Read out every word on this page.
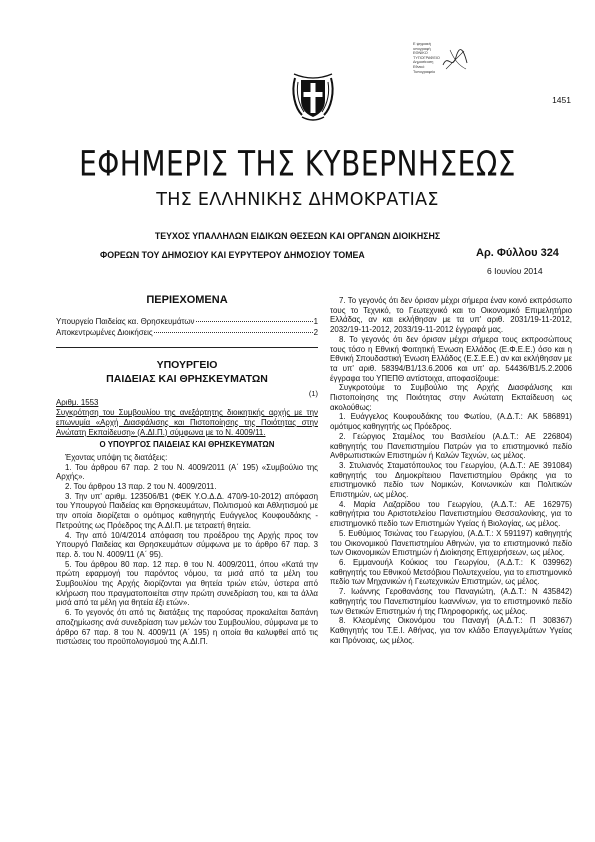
1451
Ε ψηφιακή
υπογραφή
ΕΘΝΙΚΟ
ΤΥΠΟΓΡΑΦΕΙΟ
Δημοσίευση
Εθνικό
Τυπογραφείο
ΕΦΗΜΕΡΙΣ ΤΗΣ ΚΥΒΕΡΝΗΣΕΩΣ
ΤΗΣ ΕΛΛΗΝΙΚΗΣ ΔΗΜΟΚΡΑΤΙΑΣ
ΤΕΥΧΟΣ ΥΠΑΛΛΗΛΩΝ ΕΙΔΙΚΩΝ ΘΕΣΕΩΝ ΚΑΙ ΟΡΓΑΝΩΝ ΔΙΟΙΚΗΣΗΣ
ΦΟΡΕΩΝ ΤΟΥ ΔΗΜΟΣΙΟΥ ΚΑΙ ΕΥΡΥΤΕΡΟΥ ΔΗΜΟΣΙΟΥ ΤΟΜΕΑ	Αρ. Φύλλου 324
6 Ιουνίου 2014
ΠΕΡΙΕΧΟΜΕΝΑ
Υπουργείο Παιδείας κα. Θρησκευμάτων	1
Αποκεντρωμένες Διοικήσεις	2
ΥΠΟΥΡΓΕΙΟ
ΠΑΙΔΕΙΑΣ ΚΑΙ ΘΡΗΣΚΕΥΜΑΤΩΝ
(1)
Αριθμ. 1553
Συγκρότηση του Συμβουλίου της ανεξάρτητης διοικητικής αρχής με την επωνυμία «Αρχή Διασφάλισης και Πιστοποίησης της Ποιότητας στην Ανώτατη Εκπαίδευση» (Α.ΔΙ.Π.) σύμφωνα με το Ν. 4009/11.
Ο ΥΠΟΥΡΓΟΣ ΠΑΙΔΕΙΑΣ ΚΑΙ ΘΡΗΣΚΕΥΜΑΤΩΝ
Έχοντας υπόψη τις διατάξεις:
1. Του άρθρου 67 παρ. 2 του Ν. 4009/2011 (Α΄ 195) «Συμβούλιο της Αρχής».
2. Του άρθρου 13 παρ. 2 του Ν. 4009/2011.
3. Την υπ' αριθμ. 123506/Β1 (ΦΕΚ Υ.Ο.Δ.Δ. 470/9-10-2012) απόφαση του Υπουργού Παιδείας και Θρησκευμάτων, Πολιτισμού και Αθλητισμού με την οποία διορίζεται ο ομότιμος καθηγητής Ευάγγελος Κουφουδάκης - Πετρούτης ως Πρόεδρος της Α.ΔΙ.Π. με τετραετή θητεία.
4. Την από 10/4/2014 απόφαση του προέδρου της Αρχής προς τον Υπουργό Παιδείας και Θρησκευμάτων σύμφωνα με το άρθρο 67 παρ. 3 περ. δ. του Ν. 4009/11 (Α΄ 95).
5. Του άρθρου 80 παρ. 12 περ. θ του Ν. 4009/2011, όπου «Κατά την πρώτη εφαρμογή του παρόντος νόμου, τα μισά από τα μέλη του Συμβουλίου της Αρχής διορίζονται για θητεία τριών ετών, ύστερα από κλήρωση που πραγματοποιείται στην πρώτη συνεδρίαση του, και τα άλλα μισά από τα μέλη για θητεία έξι ετών».
6. Το γεγονός ότι από τις διατάξεις της παρούσας προκαλείται δαπάνη αποζημίωσης ανά συνεδρίαση των μελών του Συμβουλίου, σύμφωνα με το άρθρο 67 παρ. 8 του Ν. 4009/11 (Α΄ 195) η οποία θα καλυφθεί από τις πιστώσεις του προϋπολογισμού της Α.ΔΙ.Π.
7. Το γεγονός ότι δεν όρισαν μέχρι σήμερα έναν κοινό εκπρόσωπο τους το Τεχνικό, το Γεωτεχνικό και το Οικονομικό Επιμελητήριο Ελλάδας, αν και εκλήθησαν με τα υπ' αριθ. 2031/19-11-2012, 2032/19-11-2012, 2033/19-11-2012 έγγραφά μας.
8. Το γεγονός ότι δεν όρισαν μέχρι σήμερα τους εκπροσώπους τους τόσο η Εθνική Φοιτητική Ένωση Ελλάδος (Ε.Φ.Ε.Ε.) όσο και η Εθνική Σπουδαστική Ένωση Ελλάδος (Ε.Σ.Ε.Ε.) αν και εκλήθησαν με τα υπ' αριθ. 58394/Β1/13.6.2006 και υπ' αρ. 54436/Β1/5.2.2006 έγγραφα του ΥΠΕΠΘ αντίστοιχα, αποφασίζουμε:
Συγκροτούμε το Συμβούλιο της Αρχής Διασφάλισης και Πιστοποίησης της Ποιότητας στην Ανώτατη Εκπαίδευση ως ακολούθως:
1. Ευάγγελος Κουφουδάκης του Φωτίου, (Α.Δ.Τ.: ΑΚ 586891) ομότιμος καθηγητής ως Πρόεδρος.
2. Γεώργιος Σταμέλος του Βασιλείου (Α.Δ.Τ.: ΑΕ 226804) καθηγητής του Πανεπιστημίου Πατρών για το επιστημονικό πεδίο Ανθρωπιστικών Επιστημών ή Καλών Τεχνών, ως μέλος.
3. Στυλιανός Σταματόπουλος του Γεωργίου, (Α.Δ.Τ.: ΑΕ 391084) καθηγητής του Δημοκρίτειου Πανεπιστημίου Θράκης για το επιστημονικό πεδίο των Νομικών, Κοινωνικών και Πολιτικών Επιστημών, ως μέλος.
4. Μαρία Λαζαρίδου του Γεωργίου, (Α.Δ.Τ.: ΑΕ 162975) καθηγήτρια του Αριστοτελείου Πανεπιστημίου Θεσσαλονίκης, για το επιστημονικό πεδίο των Επιστημών Υγείας ή Βιολογίας, ως μέλος.
5. Ευθύμιος Τσιώνας του Γεωργίου, (Α.Δ.Τ.: Χ 591197) καθηγητής του Οικονομικού Πανεπιστημίου Αθηνών, για το επιστημονικό πεδίο των Οικονομικών Επιστημών ή Διοίκησης Επιχειρήσεων, ως μέλος.
6. Εμμανουήλ Κούκιος του Γεωργίου, (Α.Δ.Τ.: Κ 039962) καθηγητής του Εθνικού Μετσόβιου Πολυτεχνείου, για το επιστημονικό πεδίο των Μηχανικών ή Γεωτεχνικών Επιστημών, ως μέλος.
7. Ιωάννης Γεροθανάσης του Παναγιώτη, (Α.Δ.Τ.: Ν 435842) καθηγητής του Πανεπιστημίου Ιωαννίνων, για το επιστημονικό πεδίο των Θετικών Επιστημών ή της Πληροφορικής, ως μέλος.
8. Κλεομένης Οικονόμου του Παναγή (Α.Δ.Τ.: Π 308367) Καθηγητής του Τ.Ε.Ι. Αθήνας, για τον κλάδο Επαγγελμάτων Υγείας και Πρόνοιας, ως μέλος.
